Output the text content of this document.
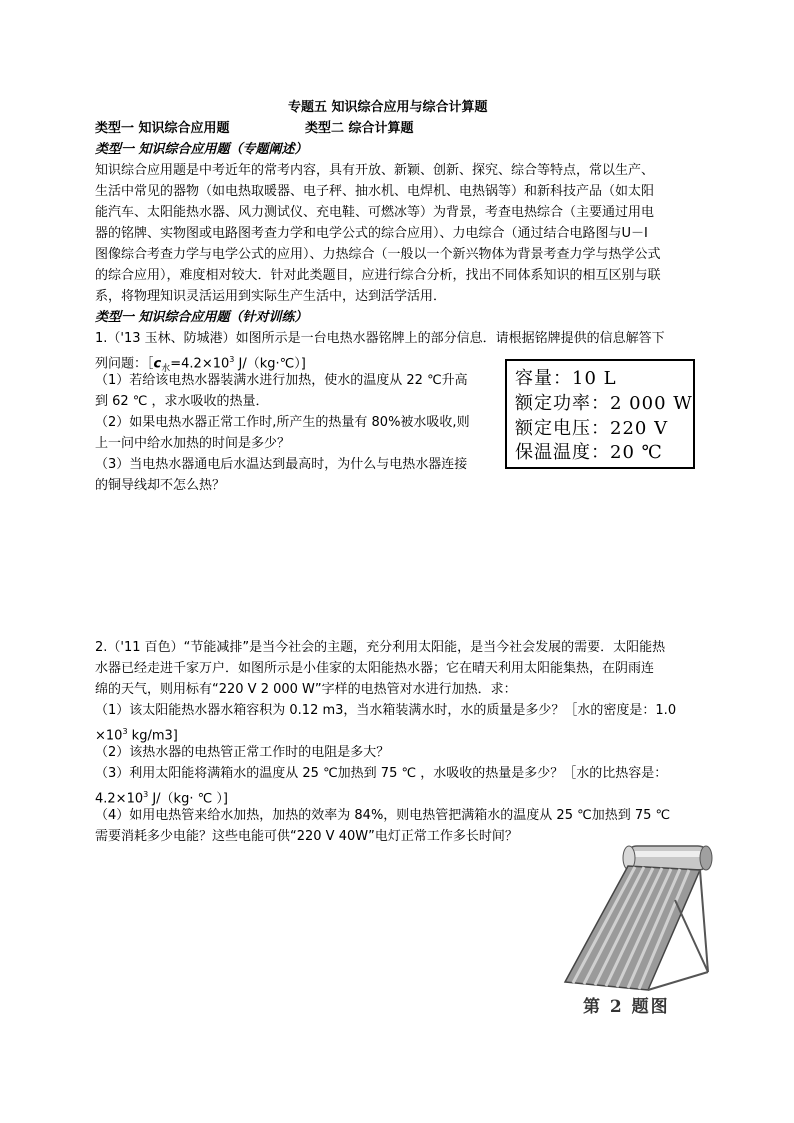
专题五 知识综合应用与综合计算题
类型一 知识综合应用题	类型二 综合计算题
类型一 知识综合应用题（专题阐述）
知识综合应用题是中考近年的常考内容，具有开放、新颖、创新、探究、综合等特点，常以生产、
生活中常见的器物（如电热取暖器、电子秤、抽水机、电焊机、电热锅等）和新科技产品（如太阳
能汽车、太阳能热水器、风力测试仪、充电鞋、可燃冰等）为背景，考查电热综合（主要通过用电
器的铭牌、实物图或电路图考查力学和电学公式的综合应用）、力电综合（通过结合电路图与U－I
图像综合考查力学与电学公式的应用）、力热综合（一般以一个新兴物体为背景考查力学与热学公式
的综合应用），难度相对较大．针对此类题目，应进行综合分析，找出不同体系知识的相互区别与联
系，将物理知识灵活运用到实际生产生活中，达到活学活用．
类型一 知识综合应用题（针对训练）
1.（'13 玉林、防城港）如图所示是一台电热水器铭牌上的部分信息．请根据铭牌提供的信息解答下
列问题：$[c_水=4.2\times 10^3$ J/（kg·℃）]
（1）若给该电热水器装满水进行加热，使水的温度从 22 ℃升高
到 62 ℃ ，求水吸收的热量．
（2）如果电热水器正常工作时,所产生的热量有 80%被水吸收,则
上一问中给水加热的时间是多少？
（3）当电热水器通电后水温达到最高时，为什么与电热水器连接
的铜导线却不怎么热？
容量：10 L
额定功率：2 000 W
额定电压：220 V
保温温度：20 ℃
2.（'11 百色）“节能减排”是当今社会的主题，充分利用太阳能，是当今社会发展的需要．太阳能热
水器已经走进千家万户．如图所示是小佳家的太阳能热水器；它在晴天利用太阳能集热，在阴雨连
绵的天气，则用标有“220 V 2 000 W”字样的电热管对水进行加热．求：
（1）该太阳能热水器水箱容积为 0.12 m3，当水箱装满水时，水的质量是多少？［水的密度是：1.0
$\times 10^3$ kg/m3]
（2）该热水器的电热管正常工作时的电阻是多大？
（3）利用太阳能将满箱水的温度从 25 ℃加热到 75 ℃ ，水吸收的热量是多少？［水的比热容是：
$4.2\times 10^3$ J/（kg· ℃ ）]
（4）如用电热管来给水加热，加热的效率为 84%，则电热管把满箱水的温度从 25 ℃加热到 75 ℃
需要消耗多少电能？这些电能可供“220 V 40W”电灯正常工作多长时间？
第 2 题图
